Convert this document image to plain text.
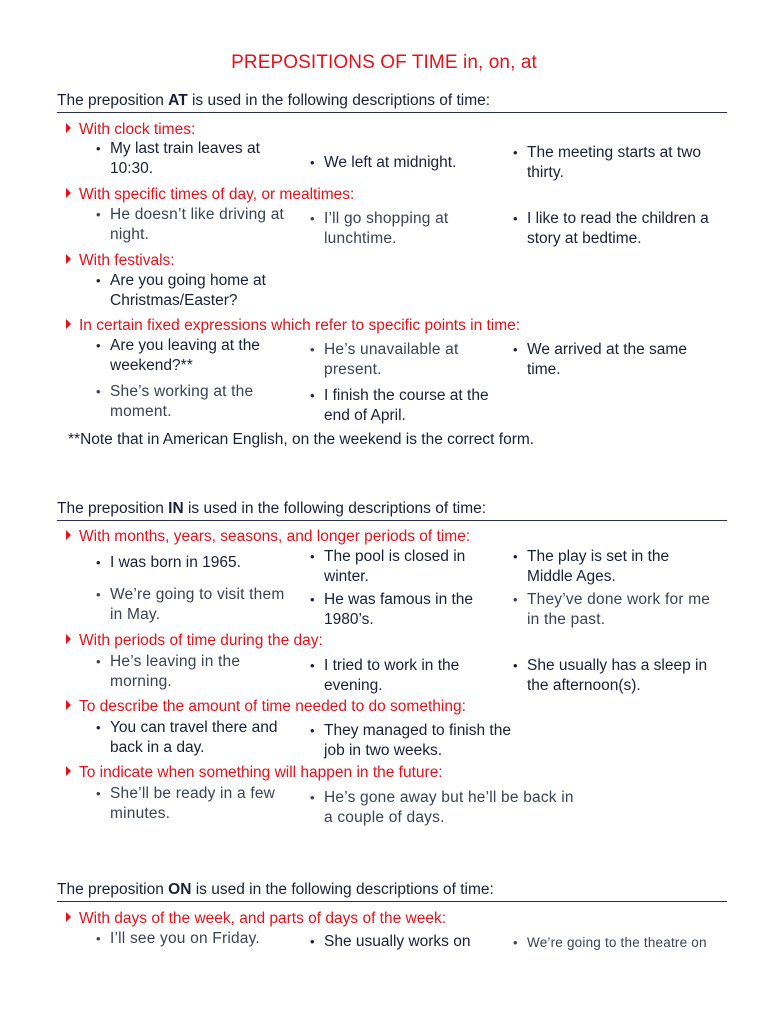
PREPOSITIONS OF TIME in, on, at
The preposition AT is used in the following descriptions of time:
With clock times:
• My last train leaves at 10:30.	• We left at midnight.
• The meeting starts at two thirty.
With specific times of day, or mealtimes:
• He doesn’t like driving at night.
• I’ll go shopping at lunchtime.
• I like to read the children a story at bedtime.
With festivals:
• Are you going home at Christmas/Easter?
In certain fixed expressions which refer to specific points in time:
• Are you leaving at the weekend?**
• He’s unavailable at present.
• We arrived at the same time.
• She’s working at the moment.
• I finish the course at the end of April.
**Note that in American English, on the weekend is the correct form.
The preposition IN is used in the following descriptions of time:
With months, years, seasons, and longer periods of time:
• I was born in 1965.	• The pool is closed in winter.
• The play is set in the Middle Ages.
• We’re going to visit them in May.
• He was famous in the 1980’s.
• They’ve done work for me in the past.
With periods of time during the day:
• He’s leaving in the morning.
• I tried to work in the evening.
• She usually has a sleep in the afternoon(s).
To describe the amount of time needed to do something:
• You can travel there and back in a day.
• They managed to finish the job in two weeks.
To indicate when something will happen in the future:
• She’ll be ready in a few minutes.
• He’s gone away but he’ll be back in a couple of days.
The preposition ON is used in the following descriptions of time:
With days of the week, and parts of days of the week:
• I’ll see you on Friday.	• She usually works on	• We’re going to the theatre on
